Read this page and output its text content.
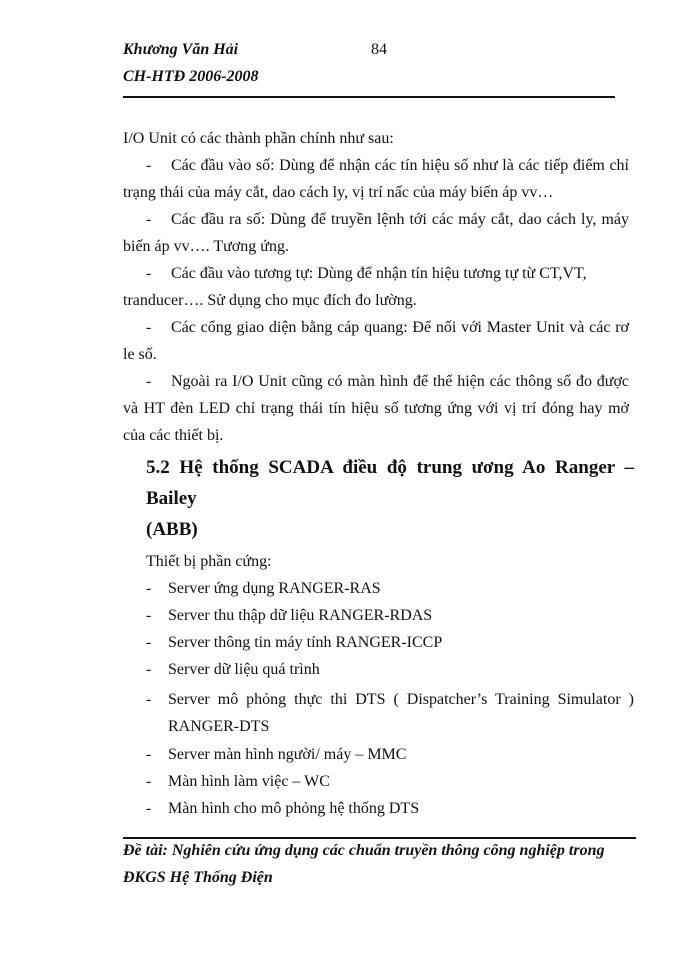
Khương Văn Hải	84
CH-HTĐ 2006-2008
I/O Unit có các thành phần chính như sau:
- Các đầu vào số: Dùng để nhận các tín hiệu số như là các tiếp điểm chỉ
trạng thái của máy cắt, dao cách ly, vị trí nấc của máy biến áp vv…
- Các đầu ra số: Dùng để truyền lệnh tới các máy cắt, dao cách ly, máy
biến áp vv…. Tương ứng.
- Các đầu vào tương tự: Dùng để nhận tín hiệu tương tự từ CT,VT,
tranducer…. Sử dụng cho mục đích đo lường.
- Các cổng giao diện bằng cáp quang: Để nối với Master Unit và các rơ
le số.
- Ngoài ra I/O Unit cũng có màn hình để thể hiện các thông số đo được
và HT đèn LED chỉ trạng thái tín hiệu số tương ứng với vị trí đóng hay mở
của các thiết bị.
5.2 Hệ thống SCADA điều độ trung ương Ao Ranger –
Bailey
(ABB)
Thiết bị phần cứng:
- Server ứng dụng RANGER-RAS
- Server thu thập dữ liệu RANGER-RDAS
- Server thông tin máy tính RANGER-ICCP
- Server dữ liệu quá trình
- Server mô phỏng thực thi DTS ( Dispatcher’s Training Simulator )
RANGER-DTS
- Server màn hình người/ máy – MMC
- Màn hình làm việc – WC
- Màn hình cho mô phỏng hệ thống DTS
Đề tài: Nghiên cứu ứng dụng các chuẩn truyền thông công nghiệp trong
ĐKGS Hệ Thống Điện
